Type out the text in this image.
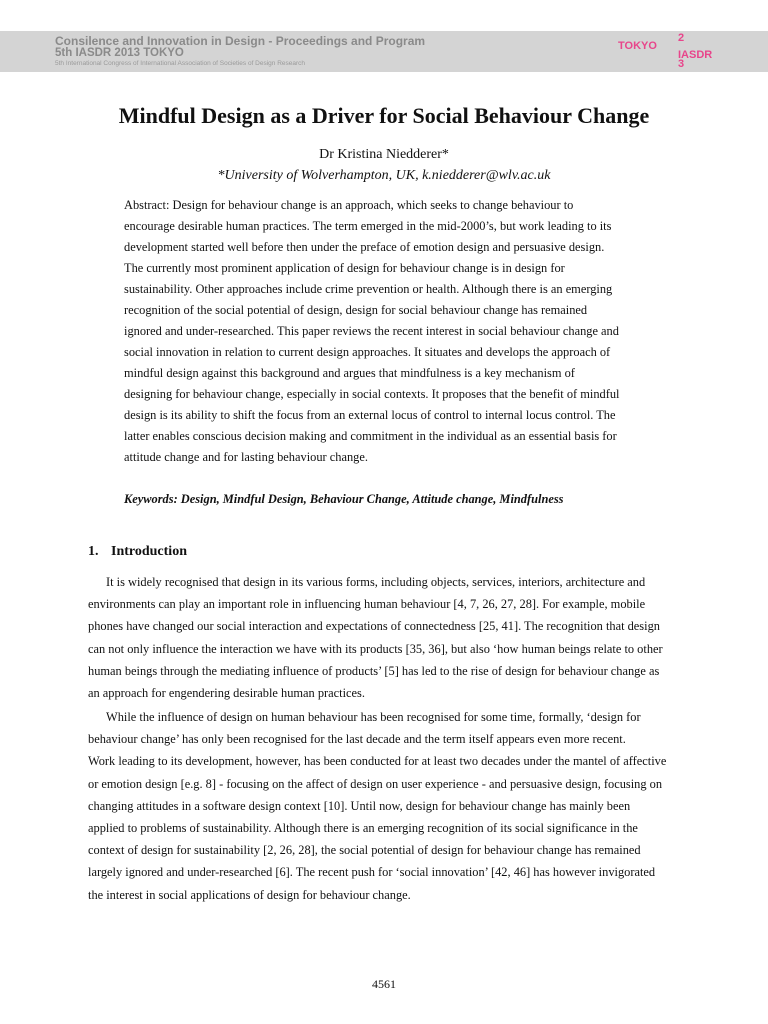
Consilence and Innovation in Design - Proceedings and Program
5th IASDR 2013 TOKYO
5th International Congress of International Association of Societies of Design Research
2
TOKYO
IASDR
3
Mindful Design as a Driver for Social Behaviour Change
Dr Kristina Niedderer*
*University of Wolverhampton, UK, k.niedderer@wlv.ac.uk
Abstract: Design for behaviour change is an approach, which seeks to change behaviour to
encourage desirable human practices. The term emerged in the mid-2000’s, but work leading to its
development started well before then under the preface of emotion design and persuasive design.
The currently most prominent application of design for behaviour change is in design for
sustainability. Other approaches include crime prevention or health. Although there is an emerging
recognition of the social potential of design, design for social behaviour change has remained
ignored and under-researched. This paper reviews the recent interest in social behaviour change and
social innovation in relation to current design approaches. It situates and develops the approach of
mindful design against this background and argues that mindfulness is a key mechanism of
designing for behaviour change, especially in social contexts. It proposes that the benefit of mindful
design is its ability to shift the focus from an external locus of control to internal locus control. The
latter enables conscious decision making and commitment in the individual as an essential basis for
attitude change and for lasting behaviour change.
Keywords: Design, Mindful Design, Behaviour Change, Attitude change, Mindfulness
1. Introduction
It is widely recognised that design in its various forms, including objects, services, interiors, architecture and
environments can play an important role in influencing human behaviour [4, 7, 26, 27, 28]. For example, mobile
phones have changed our social interaction and expectations of connectedness [25, 41]. The recognition that design
can not only influence the interaction we have with its products [35, 36], but also ‘how human beings relate to other
human beings through the mediating influence of products’ [5] has led to the rise of design for behaviour change as
an approach for engendering desirable human practices.
While the influence of design on human behaviour has been recognised for some time, formally, ‘design for
behaviour change’ has only been recognised for the last decade and the term itself appears even more recent.
Work leading to its development, however, has been conducted for at least two decades under the mantel of affective
or emotion design [e.g. 8] - focusing on the affect of design on user experience - and persuasive design, focusing on
changing attitudes in a software design context [10]. Until now, design for behaviour change has mainly been
applied to problems of sustainability. Although there is an emerging recognition of its social significance in the
context of design for sustainability [2, 26, 28], the social potential of design for behaviour change has remained
largely ignored and under-researched [6]. The recent push for ‘social innovation’ [42, 46] has however invigorated
the interest in social applications of design for behaviour change.
4561
